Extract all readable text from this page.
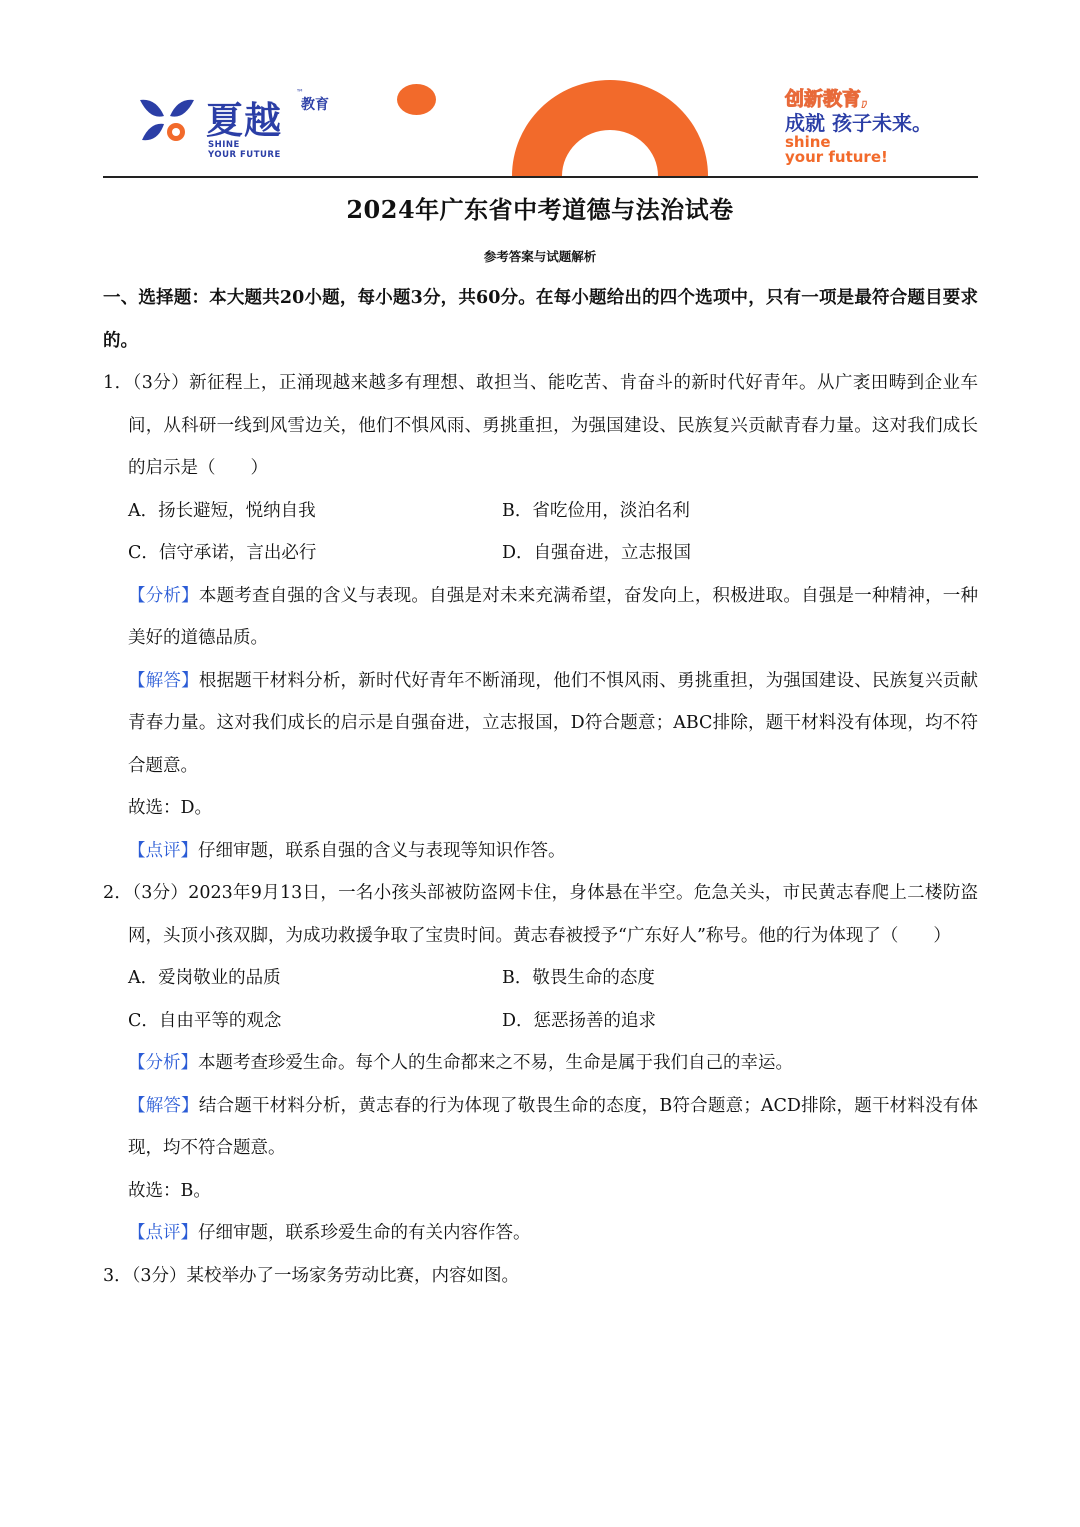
夏越
™
教育
SHINE
YOUR FUTURE
创新教育,
成就 孩子未来。
shine
your future!
2024年广东省中考道德与法治试卷
参考答案与试题解析
一、选择题：本大题共20小题，每小题3分，共60分。在每小题给出的四个选项中，只有一项是最符合题目要求的。
1．（3分）新征程上，正涌现越来越多有理想、敢担当、能吃苦、肯奋斗的新时代好青年。从广袤田畴到企业车间，从科研一线到风雪边关，他们不惧风雨、勇挑重担，为强国建设、民族复兴贡献青春力量。这对我们成长的启示是（　　）
A．扬长避短，悦纳自我	B．省吃俭用，淡泊名利
C．信守承诺，言出必行	D．自强奋进，立志报国
【分析】本题考查自强的含义与表现。自强是对未来充满希望，奋发向上，积极进取。自强是一种精神，一种美好的道德品质。
【解答】根据题干材料分析，新时代好青年不断涌现，他们不惧风雨、勇挑重担，为强国建设、民族复兴贡献青春力量。这对我们成长的启示是自强奋进，立志报国，D符合题意；ABC排除，题干材料没有体现，均不符合题意。
故选：D。
【点评】仔细审题，联系自强的含义与表现等知识作答。
2．（3分）2023年9月13日，一名小孩头部被防盗网卡住，身体悬在半空。危急关头，市民黄志春爬上二楼防盗网，头顶小孩双脚，为成功救援争取了宝贵时间。黄志春被授予“广东好人”称号。他的行为体现了（　　）
A．爱岗敬业的品质	B．敬畏生命的态度
C．自由平等的观念	D．惩恶扬善的追求
【分析】本题考查珍爱生命。每个人的生命都来之不易，生命是属于我们自己的幸运。
【解答】结合题干材料分析，黄志春的行为体现了敬畏生命的态度，B符合题意；ACD排除，题干材料没有体现，均不符合题意。
故选：B。
【点评】仔细审题，联系珍爱生命的有关内容作答。
3．（3分）某校举办了一场家务劳动比赛，内容如图。
